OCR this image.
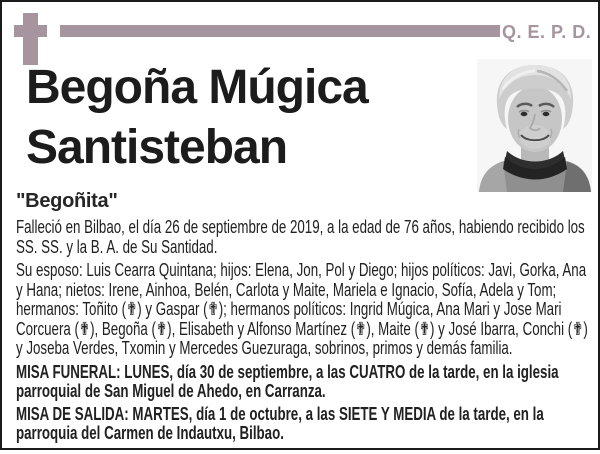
Q. E. P. D.
Begoña Múgica
Santisteban

"Begoñita"

Falleció en Bilbao, el día 26 de septiembre de 2019, a la edad de 76 años, habiendo recibido los SS. SS. y la B. A. de Su Santidad.

Su esposo: Luis Cearra Quintana; hijos: Elena, Jon, Pol y Diego; hijos políticos: Javi, Gorka, Ana y Hana; nietos: Irene, Ainhoa, Belén, Carlota y Maite, Mariela e Ignacio, Sofía, Adela y Tom; hermanos: Toñito (✟) y Gaspar (✟); hermanos políticos: Ingrid Múgica, Ana Mari y Jose Mari Corcuera (✟), Begoña (✟), Elisabeth y Alfonso Martínez (✟), Maite (✟) y José Ibarra, Conchi (✟) y Joseba Verdes, Txomin y Mercedes Guezuraga, sobrinos, primos y demás familia.

MISA FUNERAL: LUNES, día 30 de septiembre, a las CUATRO de la tarde, en la iglesia parroquial de San Miguel de Ahedo, en Carranza.

MISA DE SALIDA: MARTES, día 1 de octubre, a las SIETE Y MEDIA de la tarde, en la parroquia del Carmen de Indautxu, Bilbao.
